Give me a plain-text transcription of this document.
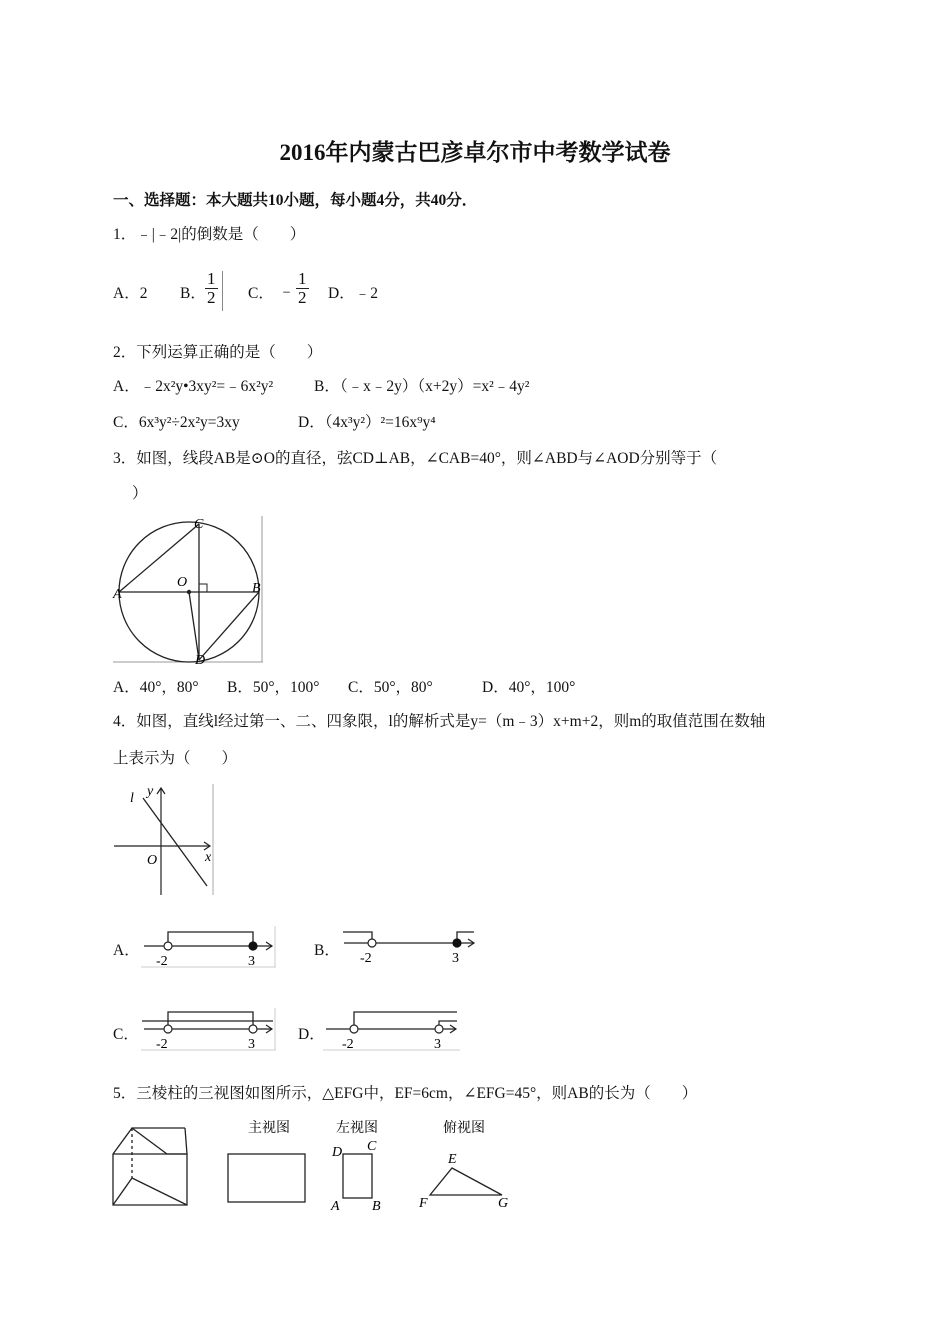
2016年内蒙古巴彦卓尔市中考数学试卷
一、选择题：本大题共10小题，每小题4分，共40分．
1．﹣|﹣2|的倒数是（　　）
A．2 B． $\frac{1}{2}$ C． ﹣ $\frac{1}{2}$ D．﹣2
2．下列运算正确的是（　　）
A．﹣2x²y•3xy²=﹣6x²y²	B．（﹣x﹣2y）（x+2y）=x²﹣4y²
C．6x³y²÷2x²y=3xy	D．（4x³y²）²=16x⁹y⁴
3．如图，线段AB是⊙O的直径，弦CD⊥AB，∠CAB=40°，则∠ABD与∠AOD分别等于（
）
C
O
A	B
D
A．40°，80° B．50°，100° C．50°，80°	D．40°，100°
4．如图，直线l经过第一、二、四象限，l的解析式是y=（m﹣3）x+m+2，则m的取值范围在数轴
上表示为（　　）
l y
O	x
A．
-2	3
B． -2	3
C．
-2	3
D．
-2	3
5．三棱柱的三视图如图所示，△EFG中，EF=6cm，∠EFG=45°，则AB的长为（　　）
主视图	左视图
D C
A B
俯视图
E
F	G
